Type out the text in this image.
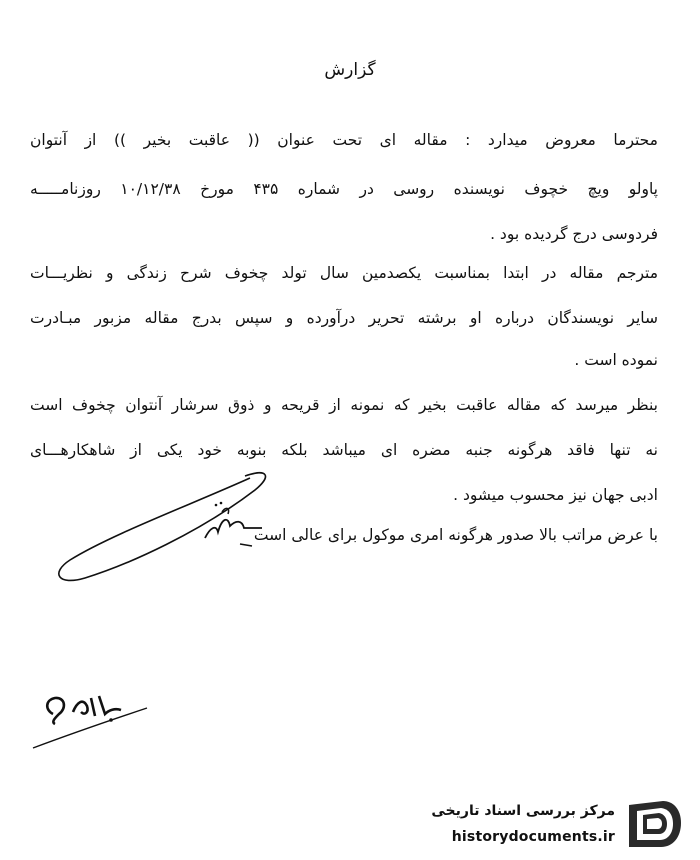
گزارش
محترما معروض میدارد : مقاله ای تحت عنوان (( عاقبت بخیر )) از آنتوان
پاولو ویچ خچوف نویسنده روسی در شماره ۴۳۵ مورخ ۱۰/۱۲/۳۸ روزنامـــــه
فردوسی درج گردیده بود .
مترجم مقاله در ابتدا بمناسبت یکصدمین سال تولد چخوف شرح زندگی و نظریـــات
سایر نویسندگان درباره او برشته تحریر درآورده و سپس بدرج مقاله مزبور مبـادرت
نموده است .
بنظر میرسد که مقاله عاقبت بخیر که نمونه از قریحه و ذوق سرشار آنتوان چخوف است
نه تنها فاقد هرگونه جنبه مضره ای میباشد بلکه بنوبه خود یکی از شاهکارهـــای
ادبی جهان نیز محسوب میشود .
با عرض مراتب بالا صدور هرگونه امری موکول برای عالی است
مرکز بررسی اسناد تاریخی
historydocuments.ir
